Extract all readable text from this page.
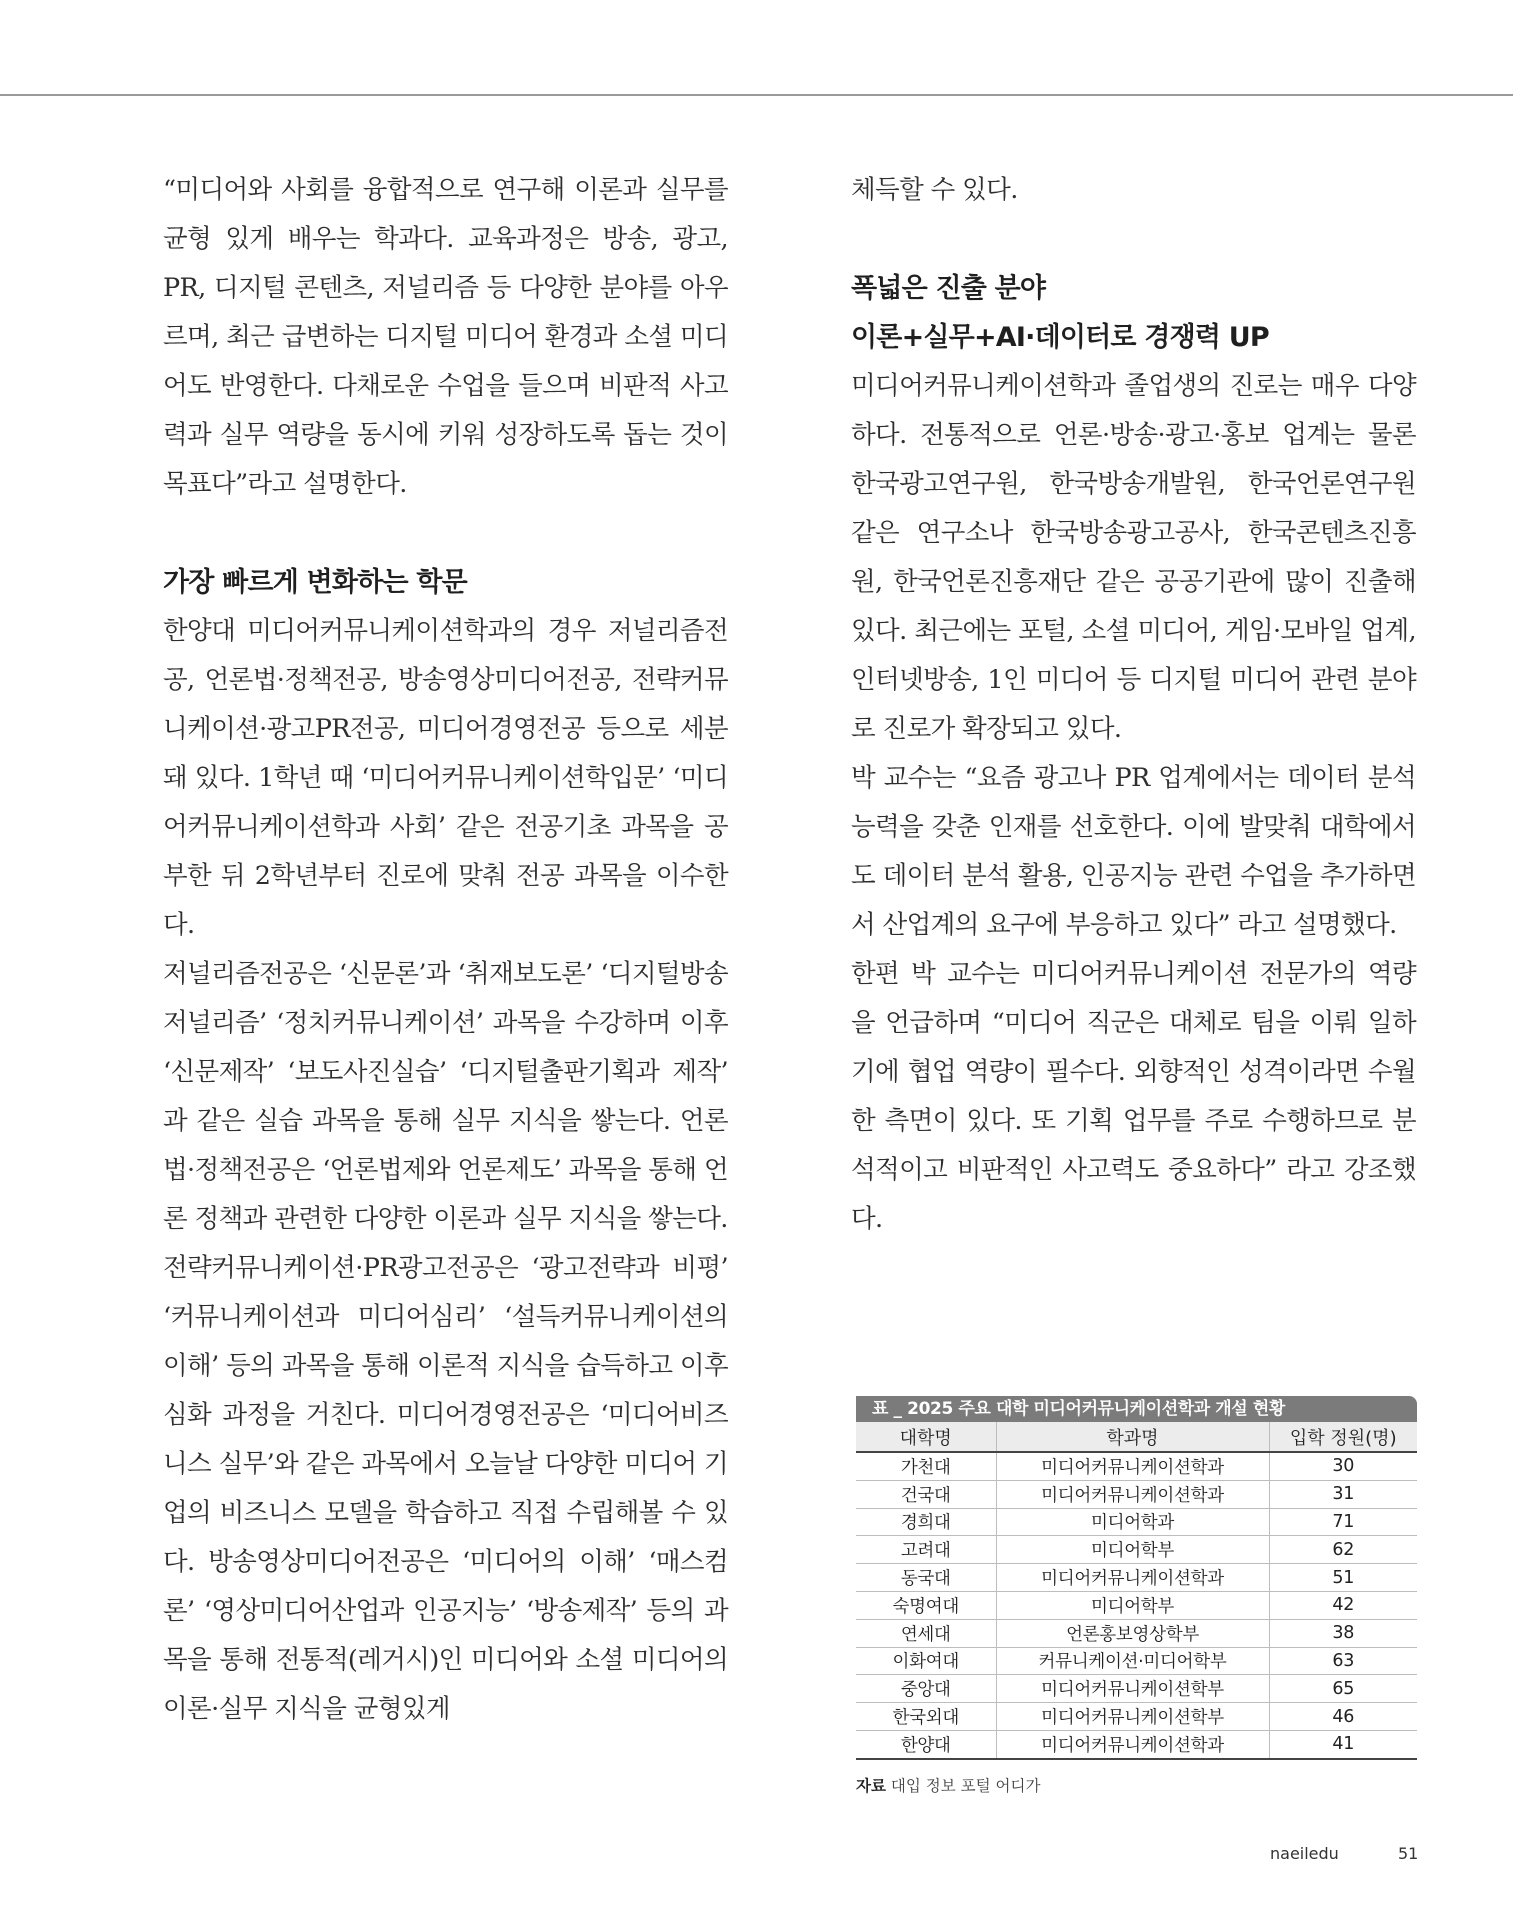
“미디어와 사회를 융합적으로 연구해 이론과 실무를 균형 있게 배우는 학과다. 교육과정은 방송, 광고, PR, 디지털 콘텐츠, 저널리즘 등 다양한 분야를 아우르며, 최근 급변하는 디지털 미디어 환경과 소셜 미디어도 반영한다. 다채로운 수업을 들으며 비판적 사고력과 실무 역량을 동시에 키워 성장하도록 돕는 것이 목표다”라고 설명한다.

가장 빠르게 변화하는 학문

한양대 미디어커뮤니케이션학과의 경우 저널리즘전공, 언론법·정책전공, 방송영상미디어전공, 전략커뮤니케이션·광고PR전공, 미디어경영전공 등으로 세분돼 있다. 1학년 때 ‘미디어커뮤니케이션학입문’ ‘미디어커뮤니케이션학과 사회’ 같은 전공기초 과목을 공부한 뒤 2학년부터 진로에 맞춰 전공 과목을 이수한다.

저널리즘전공은 ‘신문론’과 ‘취재보도론’ ‘디지털방송저널리즘’ ‘정치커뮤니케이션’ 과목을 수강하며 이후 ‘신문제작’ ‘보도사진실습’ ‘디지털출판기획과 제작’ 과 같은 실습 과목을 통해 실무 지식을 쌓는다. 언론법·정책전공은 ‘언론법제와 언론제도’ 과목을 통해 언론 정책과 관련한 다양한 이론과 실무 지식을 쌓는다.

전략커뮤니케이션·PR광고전공은 ‘광고전략과 비평’ ‘커뮤니케이션과 미디어심리’ ‘설득커뮤니케이션의 이해’ 등의 과목을 통해 이론적 지식을 습득하고 이후 심화 과정을 거친다. 미디어경영전공은 ‘미디어비즈니스 실무’와 같은 과목에서 오늘날 다양한 미디어 기업의 비즈니스 모델을 학습하고 직접 수립해볼 수 있다. 방송영상미디어전공은 ‘미디어의 이해’ ‘매스컴론’ ‘영상미디어산업과 인공지능’ ‘방송제작’ 등의 과목을 통해 전통적(레거시)인 미디어와 소셜 미디어의 이론·실무 지식을 균형있게

체득할 수 있다.

폭넓은 진출 분야
이론+실무+AI·데이터로 경쟁력 UP

미디어커뮤니케이션학과 졸업생의 진로는 매우 다양하다. 전통적으로 언론·방송·광고·홍보 업계는 물론 한국광고연구원, 한국방송개발원, 한국언론연구원 같은 연구소나 한국방송광고공사, 한국콘텐츠진흥원, 한국언론진흥재단 같은 공공기관에 많이 진출해 있다. 최근에는 포털, 소셜 미디어, 게임·모바일 업계, 인터넷방송, 1인 미디어 등 디지털 미디어 관련 분야로 진로가 확장되고 있다.

박 교수는 “요즘 광고나 PR 업계에서는 데이터 분석 능력을 갖춘 인재를 선호한다. 이에 발맞춰 대학에서도 데이터 분석 활용, 인공지능 관련 수업을 추가하면서 산업계의 요구에 부응하고 있다” 라고 설명했다.

한편 박 교수는 미디어커뮤니케이션 전문가의 역량을 언급하며 “미디어 직군은 대체로 팀을 이뤄 일하기에 협업 역량이 필수다. 외향적인 성격이라면 수월한 측면이 있다. 또 기획 업무를 주로 수행하므로 분석적이고 비판적인 사고력도 중요하다” 라고 강조했다.

표 _ 2025 주요 대학 미디어커뮤니케이션학과 개설 현황
대학명	학과명	입학 정원(명)
가천대	미디어커뮤니케이션학과	30
건국대	미디어커뮤니케이션학과	31
경희대	미디어학과	71
고려대	미디어학부	62
동국대	미디어커뮤니케이션학과	51
숙명여대	미디어학부	42
연세대	언론홍보영상학부	38
이화여대	커뮤니케이션·미디어학부	63
중앙대	미디어커뮤니케이션학부	65
한국외대	미디어커뮤니케이션학부	46
한양대	미디어커뮤니케이션학과	41
자료 대입 정보 포털 어디가
naeiledu	51
